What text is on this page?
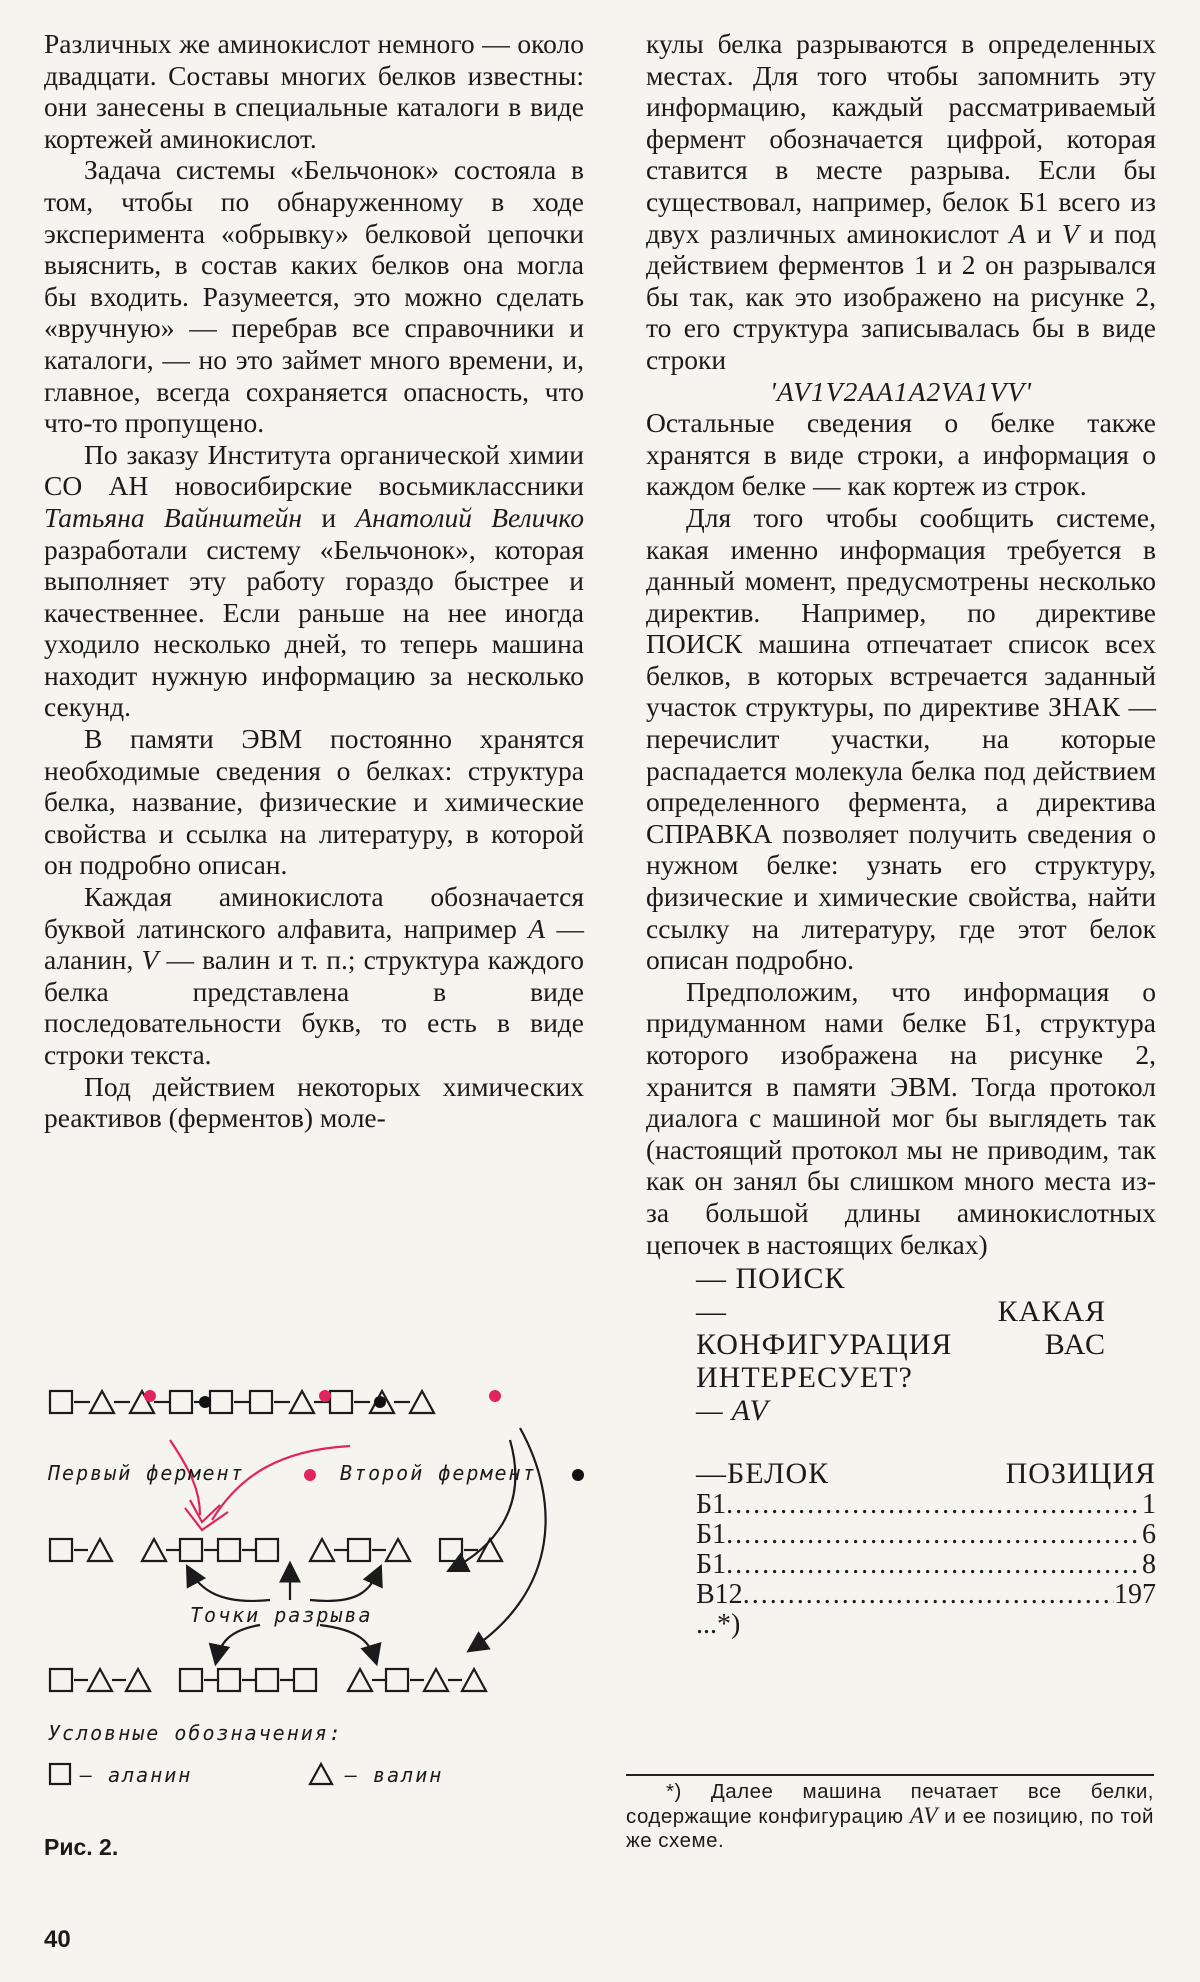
Различных же аминокислот немного — около двадцати. Составы многих белков известны: они занесены в специальные каталоги в виде кортежей аминокислот.

Задача системы «Бельчонок» состояла в том, чтобы по обнаруженному в ходе эксперимента «обрывку» белковой цепочки выяснить, в состав каких белков она могла бы входить. Разумеется, это можно сделать «вручную» — перебрав все справочники и каталоги, — но это займет много времени, и, главное, всегда сохраняется опасность, что что-то пропущено.

По заказу Института органической химии СО АН новосибирские восьмиклассники Татьяна Вайнштейн и Анатолий Величко разработали систему «Бельчонок», которая выполняет эту работу гораздо быстрее и качественнее. Если раньше на нее иногда уходило несколько дней, то теперь машина находит нужную информацию за несколько секунд.

В памяти ЭВМ постоянно хранятся необходимые сведения о белках: структура белка, название, физические и химические свойства и ссылка на литературу, в которой он подробно описан.

Каждая аминокислота обозначается буквой латинского алфавита, например A — аланин, V — валин и т. п.; структура каждого белка представлена в виде последовательности букв, то есть в виде строки текста.

Под действием некоторых химических реактивов (ферментов) моле-

кулы белка разрываются в определенных местах. Для того чтобы запомнить эту информацию, каждый рассматриваемый фермент обозначается цифрой, которая ставится в месте разрыва. Если бы существовал, например, белок Б1 всего из двух различных аминокислот A и V и под действием ферментов 1 и 2 он разрывался бы так, как это изображено на рисунке 2, то его структура записывалась бы в виде строки

'AV1V2AA1A2VA1VV'

Остальные сведения о белке также хранятся в виде строки, а информация о каждом белке — как кортеж из строк.

Для того чтобы сообщить системе, какая именно информация требуется в данный момент, предусмотрены несколько директив. Например, по директиве ПОИСК машина отпечатает список всех белков, в которых встречается заданный участок структуры, по директиве ЗНАК — перечислит участки, на которые распадается молекула белка под действием определенного фермента, а директива СПРАВКА позволяет получить сведения о нужном белке: узнать его структуру, физические и химические свойства, найти ссылку на литературу, где этот белок описан подробно.

Предположим, что информация о придуманном нами белке Б1, структура которого изображена на рисунке 2, хранится в памяти ЭВМ. Тогда протокол диалога с машиной мог бы выглядеть так (настоящий протокол мы не приводим, так как он занял бы слишком много места из-за большой длины аминокислотных цепочек в настоящих белках)

— ПОИСК

— КАКАЯ КОНФИГУРАЦИЯ ВАС ИНТЕРЕСУЕТ?

— AV

—БЕЛОК	ПОЗИЦИЯ
Б1 .....	1
Б1 .....	6
Б1 .....	8
В12 .....	197
...*)
*) Далее машина печатает все белки, содержащие конфигурацию AV и ее позицию, по той же схеме.
Первый фермент	Второй фермент
Точки разрыва
Условные обозначения:
— аланин	— валин
Рис. 2.
40
